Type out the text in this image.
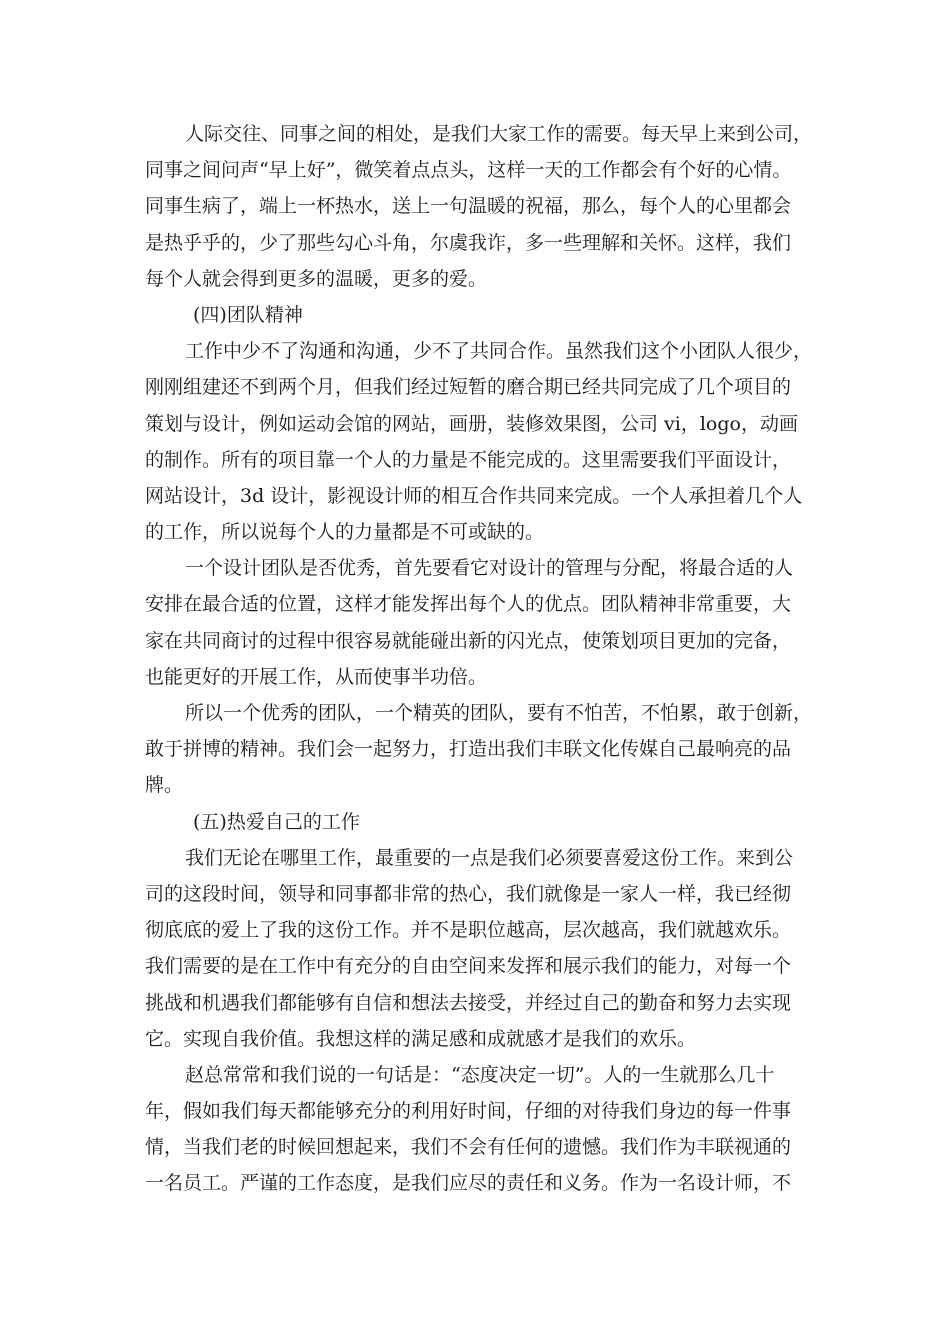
人际交往、同事之间的相处，是我们大家工作的需要。每天早上来到公司，
同事之间问声“早上好”，微笑着点点头，这样一天的工作都会有个好的心情。
同事生病了，端上一杯热水，送上一句温暖的祝福，那么，每个人的心里都会
是热乎乎的，少了那些勾心斗角，尔虞我诈，多一些理解和关怀。这样，我们
每个人就会得到更多的温暖，更多的爱。
(四)团队精神
工作中少不了沟通和沟通，少不了共同合作。虽然我们这个小团队人很少，
刚刚组建还不到两个月，但我们经过短暂的磨合期已经共同完成了几个项目的
策划与设计，例如运动会馆的网站，画册，装修效果图，公司 vi，logo，动画
的制作。所有的项目靠一个人的力量是不能完成的。这里需要我们平面设计，
网站设计，3d 设计，影视设计师的相互合作共同来完成。一个人承担着几个人
的工作，所以说每个人的力量都是不可或缺的。
一个设计团队是否优秀，首先要看它对设计的管理与分配，将最合适的人
安排在最合适的位置，这样才能发挥出每个人的优点。团队精神非常重要，大
家在共同商讨的过程中很容易就能碰出新的闪光点，使策划项目更加的完备，
也能更好的开展工作，从而使事半功倍。
所以一个优秀的团队，一个精英的团队，要有不怕苦，不怕累，敢于创新，
敢于拼博的精神。我们会一起努力，打造出我们丰联文化传媒自己最响亮的品
牌。
(五)热爱自己的工作
我们无论在哪里工作，最重要的一点是我们必须要喜爱这份工作。来到公
司的这段时间，领导和同事都非常的热心，我们就像是一家人一样，我已经彻
彻底底的爱上了我的这份工作。并不是职位越高，层次越高，我们就越欢乐。
我们需要的是在工作中有充分的自由空间来发挥和展示我们的能力，对每一个
挑战和机遇我们都能够有自信和想法去接受，并经过自己的勤奋和努力去实现
它。实现自我价值。我想这样的满足感和成就感才是我们的欢乐。
赵总常常和我们说的一句话是：“态度决定一切”。人的一生就那么几十
年，假如我们每天都能够充分的利用好时间，仔细的对待我们身边的每一件事
情，当我们老的时候回想起来，我们不会有任何的遗憾。我们作为丰联视通的
一名员工。严谨的工作态度，是我们应尽的责任和义务。作为一名设计师，不
